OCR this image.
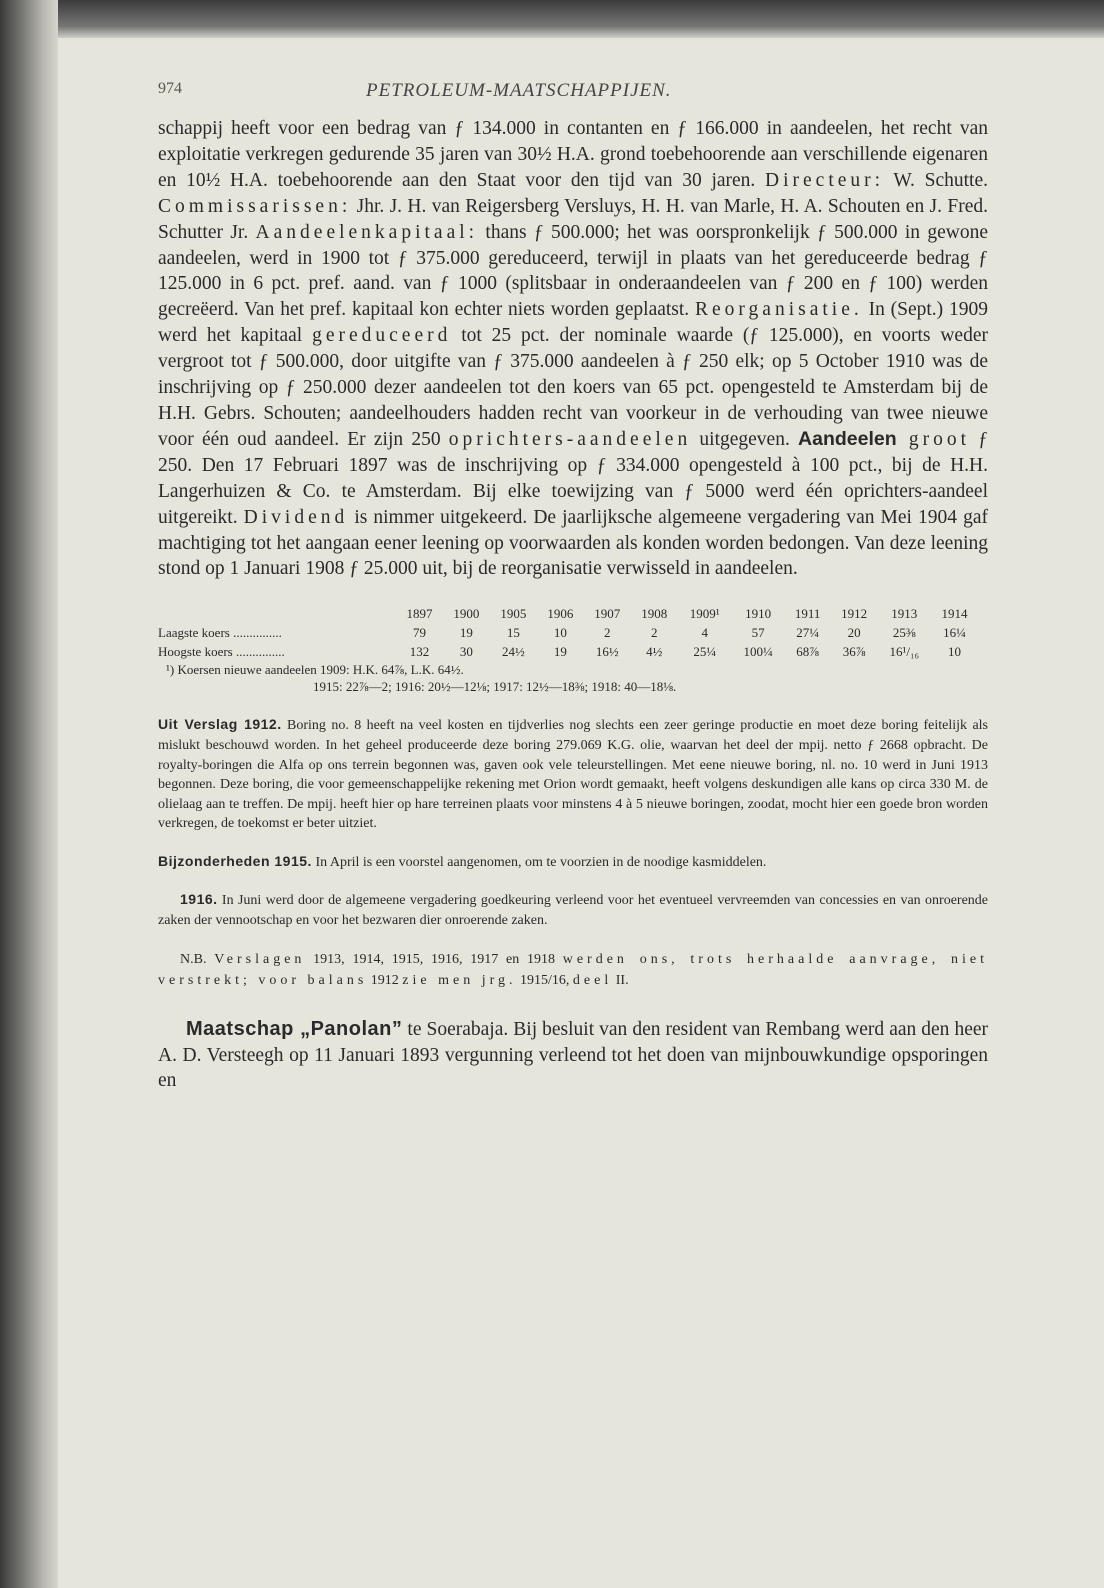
974	PETROLEUM-MAATSCHAPPIJEN.

schappij heeft voor een bedrag van ƒ 134.000 in contanten en ƒ 166.000 in aandeelen, het recht van exploitatie verkregen gedurende 35 jaren van 30½ H.A. grond toebehoorende aan verschillende eigenaren en 10½ H.A. toebehoorende aan den Staat voor den tijd van 30 jaren. Directeur: W. Schutte. Commissarissen: Jhr. J. H. van Reigersberg Versluys, H. H. van Marle, H. A. Schouten en J. Fred. Schutter Jr. Aandeelenkapitaal: thans ƒ 500.000; het was oorspronkelijk ƒ 500.000 in gewone aandeelen, werd in 1900 tot ƒ 375.000 gereduceerd, terwijl in plaats van het gereduceerde bedrag ƒ 125.000 in 6 pct. pref. aand. van ƒ 1000 (splitsbaar in onderaandeelen van ƒ 200 en ƒ 100) werden gecreëerd. Van het pref. kapitaal kon echter niets worden geplaatst. Reorganisatie. In (Sept.) 1909 werd het kapitaal gereduceerd tot 25 pct. der nominale waarde (ƒ 125.000), en voorts weder vergroot tot ƒ 500.000, door uitgifte van ƒ 375.000 aandeelen à ƒ 250 elk; op 5 October 1910 was de inschrijving op ƒ 250.000 dezer aandeelen tot den koers van 65 pct. opengesteld te Amsterdam bij de H.H. Gebrs. Schouten; aandeelhouders hadden recht van voorkeur in de verhouding van twee nieuwe voor één oud aandeel. Er zijn 250 oprichters-aandeelen uitgegeven. Aandeelen groot ƒ 250. Den 17 Februari 1897 was de inschrijving op ƒ 334.000 opengesteld à 100 pct., bij de H.H. Langerhuizen & Co. te Amsterdam. Bij elke toewijzing van ƒ 5000 werd één oprichters-aandeel uitgereikt. Dividend is nimmer uitgekeerd. De jaarlijksche algemeene vergadering van Mei 1904 gaf machtiging tot het aangaan eener leening op voorwaarden als konden worden bedongen. Van deze leening stond op 1 Januari 1908 ƒ 25.000 uit, bij de reorganisatie verwisseld in aandeelen.

	1897	1900	1905	1906	1907	1908	1909¹	1910	1911	1912	1913	1914
Laagste koers ...............	79	19	15	10	2	2	4	57	27¼	20	25⅜	16¼
Hoogste koers ...............	132	30	24½	19	16½	4½	25¼	100¼	68⅞	36⅞	16¹/₁₆	10

¹) Koersen nieuwe aandeelen 1909: H.K. 64⅞, L.K. 64½.
1915: 22⅞—2; 1916: 20½—12⅛; 1917: 12½—18⅜; 1918: 40—18⅛.

Uit Verslag 1912. Boring no. 8 heeft na veel kosten en tijdverlies nog slechts een zeer geringe productie en moet deze boring feitelijk als mislukt beschouwd worden. In het geheel produceerde deze boring 279.069 K.G. olie, waarvan het deel der mpij. netto ƒ 2668 opbracht. De royalty-boringen die Alfa op ons terrein begonnen was, gaven ook vele teleurstellingen. Met eene nieuwe boring, nl. no. 10 werd in Juni 1913 begonnen. Deze boring, die voor gemeenschappelijke rekening met Orion wordt gemaakt, heeft volgens deskundigen alle kans op circa 330 M. de olielaag aan te treffen. De mpij. heeft hier op hare terreinen plaats voor minstens 4 à 5 nieuwe boringen, zoodat, mocht hier een goede bron worden verkregen, de toekomst er beter uitziet.

Bijzonderheden 1915. In April is een voorstel aangenomen, om te voorzien in de noodige kasmiddelen.

1916. In Juni werd door de algemeene vergadering goedkeuring verleend voor het eventueel vervreemden van concessies en van onroerende zaken der vennootschap en voor het bezwaren dier onroerende zaken.

N.B. Verslagen 1913, 1914, 1915, 1916, 1917 en 1918 werden ons, trots herhaalde aanvrage, niet verstrekt; voor balans 1912 zie men jrg. 1915/16, deel II.

Maatschap „Panolan” te Soerabaja. Bij besluit van den resident van Rembang werd aan den heer A. D. Versteegh op 11 Januari 1893 vergunning verleend tot het doen van mijnbouwkundige opsporingen en
